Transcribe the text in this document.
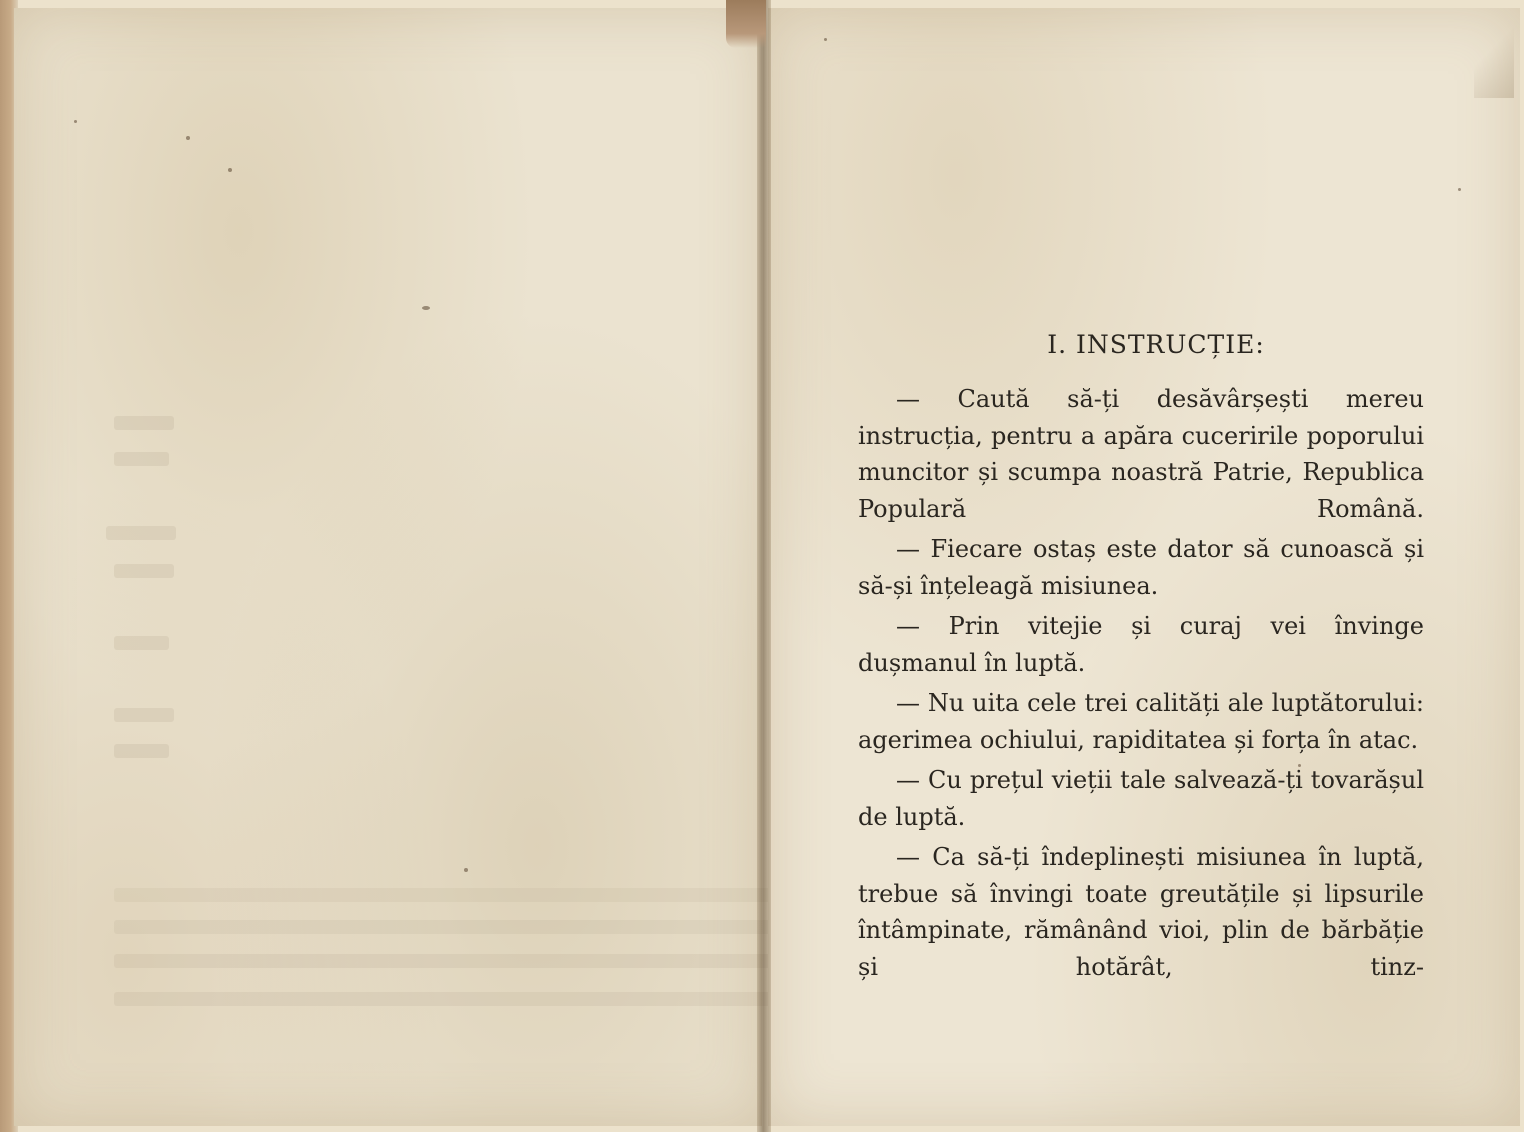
I. INSTRUCȚIE:

— Caută să-ți desăvârșești mereu instrucția, pentru a apăra cuceririle poporului muncitor și scumpa noastră Patrie, Republica Populară Română.

— Fiecare ostaș este dator să cunoască și să-și înțeleagă misiunea.

— Prin vitejie și curaj vei învinge dușmanul în luptă.

— Nu uita cele trei calități ale luptătorului: agerimea ochiului, rapiditatea și forța în atac.

— Cu prețul vieții tale salvează-ți tovarășul de luptă.

— Ca să-ți îndeplinești misiunea în luptă, trebue să învingi toate greutățile și lipsurile întâmpinate, rămânând vioi, plin de bărbăție și hotărât, tinz-
